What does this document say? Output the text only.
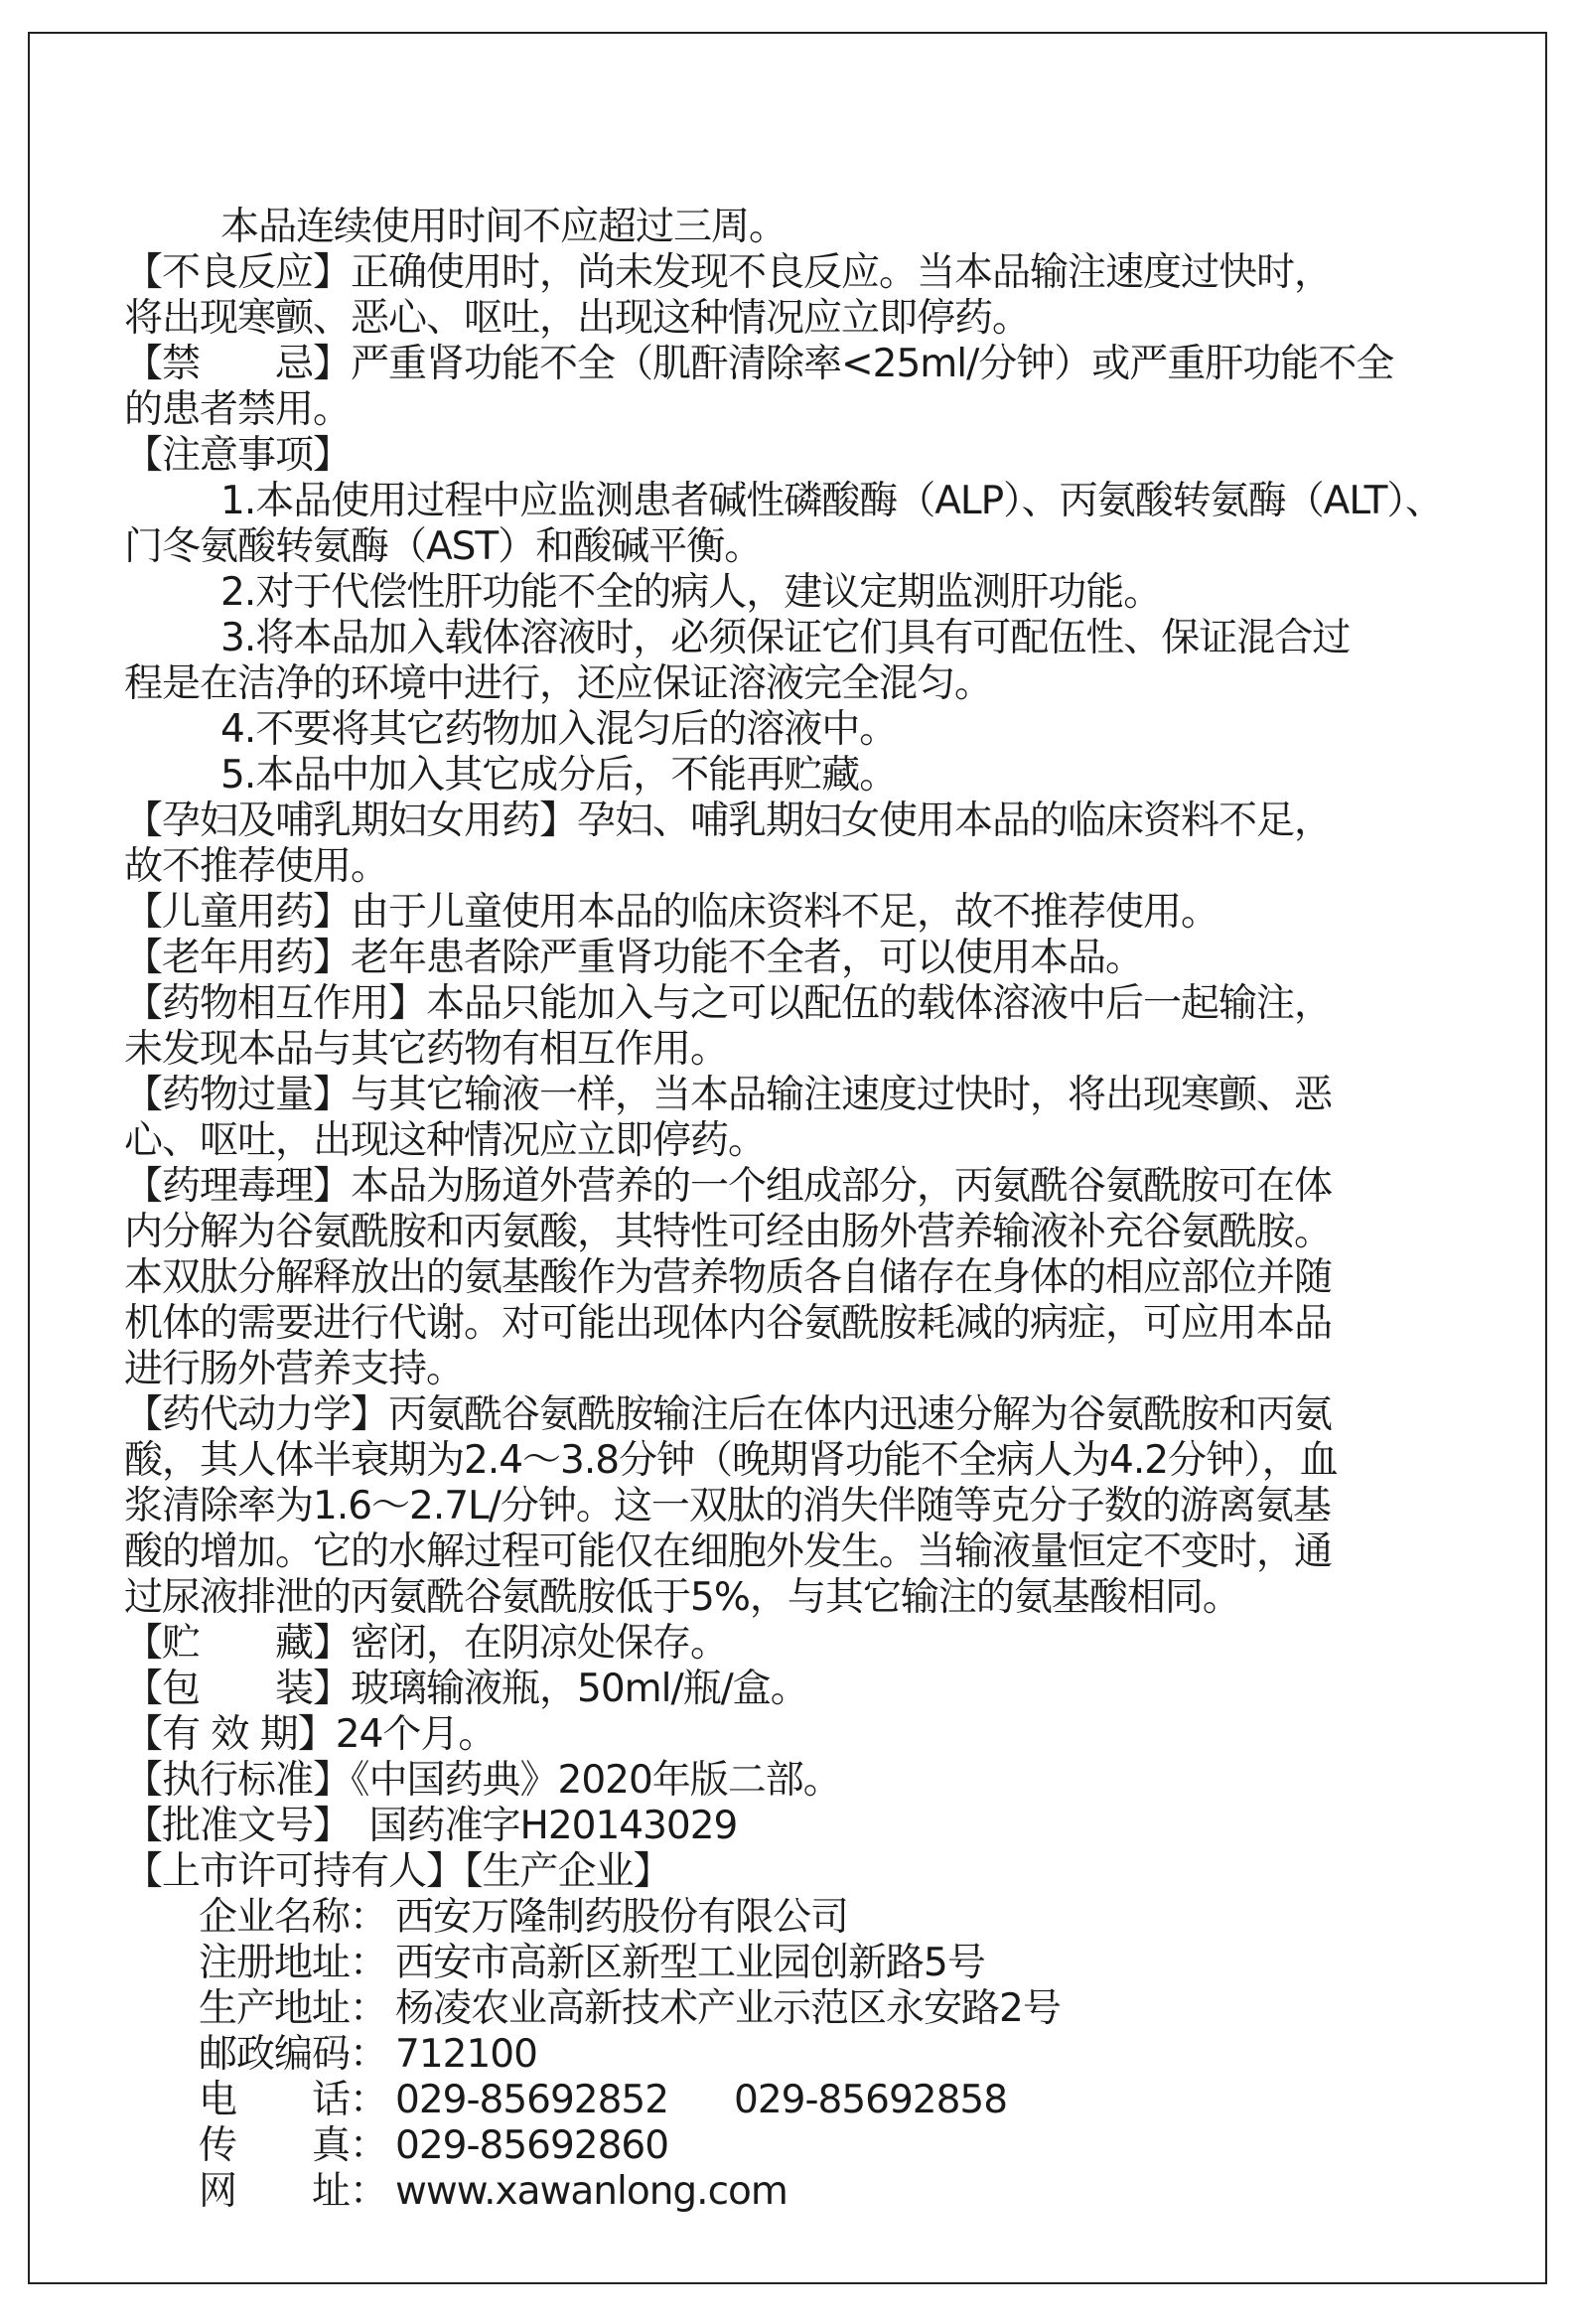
本品连续使用时间不应超过三周。
【不良反应】正确使用时，尚未发现不良反应。当本品输注速度过快时，
将出现寒颤、恶心、呕吐，出现这种情况应立即停药。
【禁　　忌】严重肾功能不全（肌酐清除率<25ml/分钟）或严重肝功能不全
的患者禁用。
【注意事项】
1.本品使用过程中应监测患者碱性磷酸酶（ALP）、丙氨酸转氨酶（ALT）、
门冬氨酸转氨酶（AST）和酸碱平衡。
2.对于代偿性肝功能不全的病人，建议定期监测肝功能。
3.将本品加入载体溶液时，必须保证它们具有可配伍性、保证混合过
程是在洁净的环境中进行，还应保证溶液完全混匀。
4.不要将其它药物加入混匀后的溶液中。
5.本品中加入其它成分后，不能再贮藏。
【孕妇及哺乳期妇女用药】孕妇、哺乳期妇女使用本品的临床资料不足，
故不推荐使用。
【儿童用药】由于儿童使用本品的临床资料不足，故不推荐使用。
【老年用药】老年患者除严重肾功能不全者，可以使用本品。
【药物相互作用】本品只能加入与之可以配伍的载体溶液中后一起输注，
未发现本品与其它药物有相互作用。
【药物过量】与其它输液一样，当本品输注速度过快时，将出现寒颤、恶
心、呕吐，出现这种情况应立即停药。
【药理毒理】本品为肠道外营养的一个组成部分，丙氨酰谷氨酰胺可在体
内分解为谷氨酰胺和丙氨酸，其特性可经由肠外营养输液补充谷氨酰胺。
本双肽分解释放出的氨基酸作为营养物质各自储存在身体的相应部位并随
机体的需要进行代谢。对可能出现体内谷氨酰胺耗减的病症，可应用本品
进行肠外营养支持。
【药代动力学】丙氨酰谷氨酰胺输注后在体内迅速分解为谷氨酰胺和丙氨
酸，其人体半衰期为2.4～3.8分钟（晚期肾功能不全病人为4.2分钟），血
浆清除率为1.6～2.7L/分钟。这一双肽的消失伴随等克分子数的游离氨基
酸的增加。它的水解过程可能仅在细胞外发生。当输液量恒定不变时，通
过尿液排泄的丙氨酰谷氨酰胺低于5%，与其它输注的氨基酸相同。
【贮　　藏】密闭，在阴凉处保存。
【包　　装】玻璃输液瓶，50ml/瓶/盒。
【有 效 期】24个月。
【执行标准】《中国药典》2020年版二部。
【批准文号】　国药准字H20143029
【上市许可持有人】【生产企业】
企业名称： 西安万隆制药股份有限公司
注册地址： 西安市高新区新型工业园创新路5号
生产地址： 杨凌农业高新技术产业示范区永安路2号
邮政编码： 712100
电　　话： 029-85692852 029-85692858
传　　真： 029-85692860
网　　址： www.xawanlong.com
